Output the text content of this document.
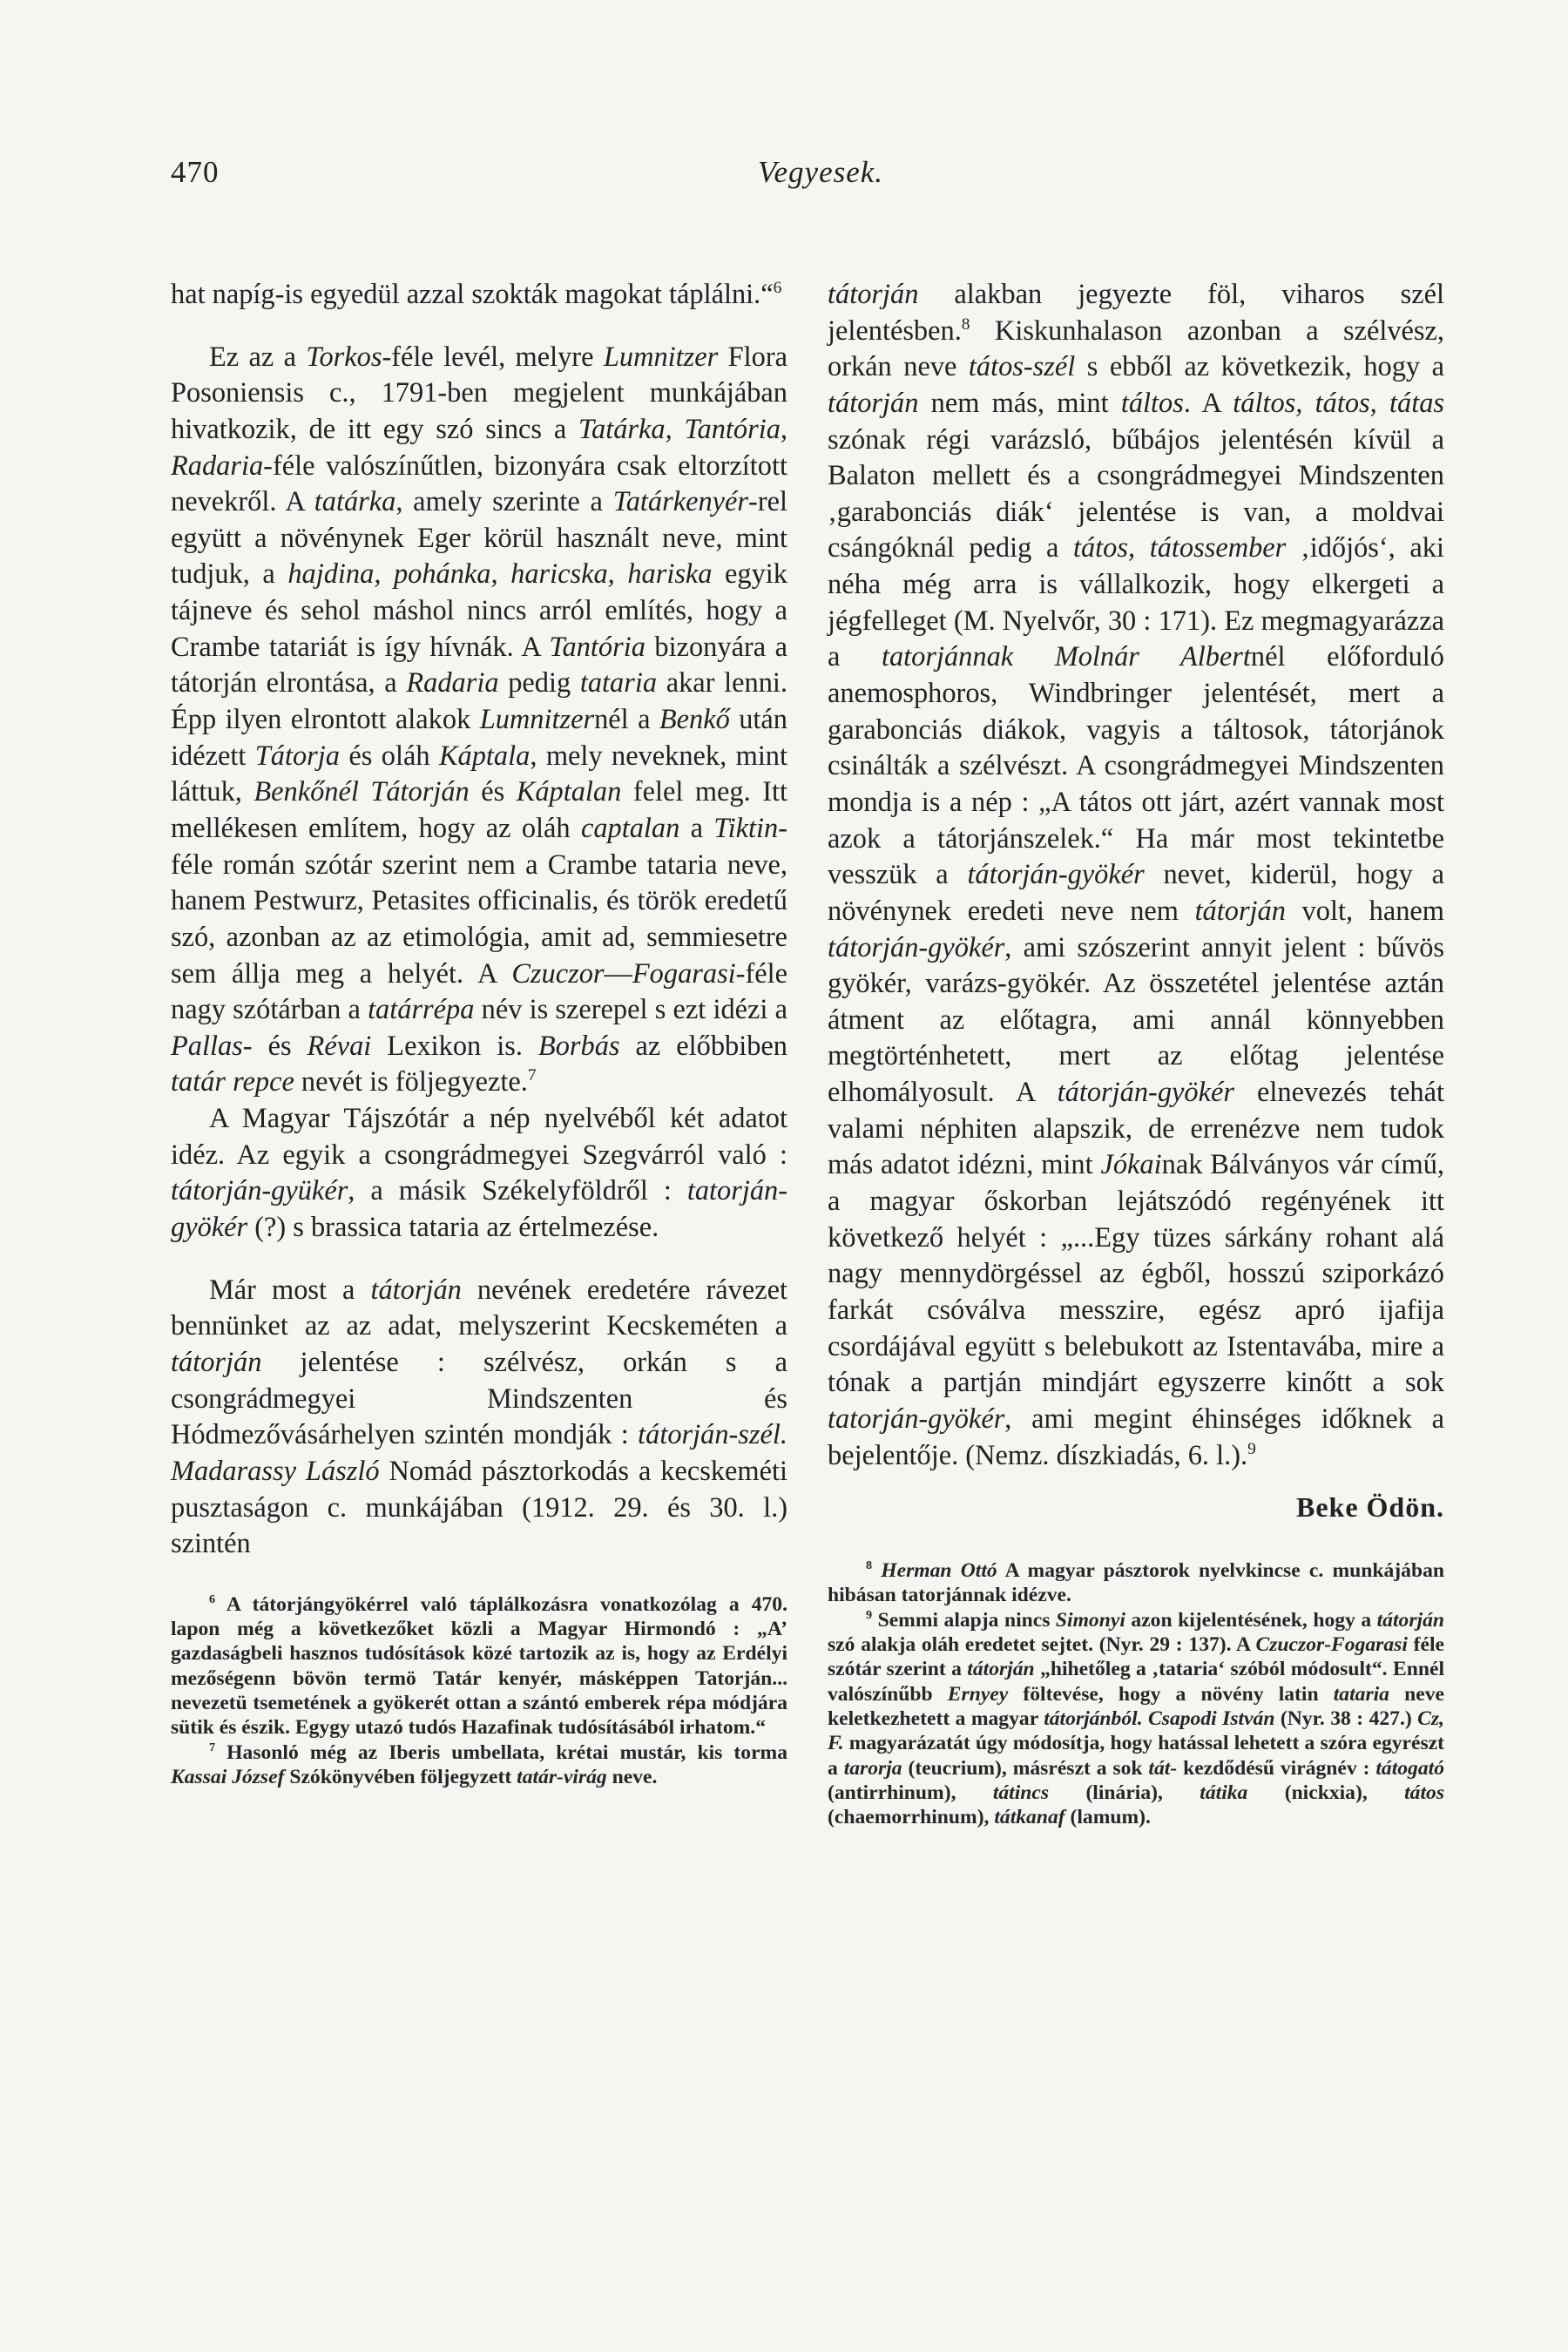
470	Vegyesek.

hat napíg-is egyedül azzal szokták magokat táplálni.“$^6$

Ez az a Torkos-féle levél, melyre Lumnitzer Flora Posoniensis c., 1791-ben megjelent munkájában hivatkozik, de itt egy szó sincs a Tatárka, Tantória, Radaria-féle valószínűtlen, bizonyára csak eltorzított nevekről. A tatárka, amely szerinte a Tatárkenyér-rel együtt a növénynek Eger körül használt neve, mint tudjuk, a hajdina, pohánka, haricska, hariska egyik tájneve és sehol máshol nincs arról említés, hogy a Crambe tatariát is így hívnák. A Tantória bizonyára a tátorján elrontása, a Radaria pedig tataria akar lenni. Épp ilyen elrontott alakok Lumnitzernél a Benkő után idézett Tátorja és oláh Káptala, mely neveknek, mint láttuk, Benkőnél Tátorján és Káptalan felel meg. Itt mellékesen említem, hogy az oláh captalan a Tiktin-féle román szótár szerint nem a Crambe tataria neve, hanem Pestwurz, Petasites officinalis, és török eredetű szó, azonban az az etimológia, amit ad, semmiesetre sem állja meg a helyét. A Czuczor—Fogarasi-féle nagy szótárban a tatárrépa név is szerepel s ezt idézi a Pallas- és Révai Lexikon is. Borbás az előbbiben tatár repce nevét is följegyezte.$^7$

A Magyar Tájszótár a nép nyelvéből két adatot idéz. Az egyik a csongrádmegyei Szegvárról való : tátorján-gyükér, a másik Székelyföldről : tatorján-gyökér (?) s brassica tataria az értelmezése.

Már most a tátorján nevének eredetére rávezet bennünket az az adat, melyszerint Kecskeméten a tátorján jelentése : szélvész, orkán s a csongrádmegyei Mindszenten és Hódmezővásárhelyen szintén mondják : tátorján-szél. Madarassy László Nomád pásztorkodás a kecskeméti pusztaságon c. munkájában (1912. 29. és 30. l.) szintén

$^6$ A tátorjángyökérrel való táplálkozásra vonatkozólag a 470. lapon még a következőket közli a Magyar Hirmondó : „A’ gazdaságbeli hasznos tudósítások közé tartozik az is, hogy az Erdélyi mezőségenn bövön termö Tatár kenyér, másképpen Tatorján... nevezetü tsemetének a gyökerét ottan a szántó emberek répa módjára sütik és észik. Egygy utazó tudós Hazafinak tudósításából irhatom.“

$^7$ Hasonló még az Iberis umbellata, krétai mustár, kis torma Kassai József Szókönyvében följegyzett tatár-virág neve.

tátorján alakban jegyezte föl, viharos szél jelentésben.$^8$ Kiskunhalason azonban a szélvész, orkán neve tátos-szél s ebből az következik, hogy a tátorján nem más, mint táltos. A táltos, tátos, tátas szónak régi varázsló, bűbájos jelentésén kívül a Balaton mellett és a csongrádmegyei Mindszenten ‚garabonciás diák‘ jelentése is van, a moldvai csángóknál pedig a tátos, tátossember ‚időjós‘, aki néha még arra is vállalkozik, hogy elkergeti a jégfelleget (M. Nyelvőr, 30 : 171). Ez megmagyarázza a tatorjánnak Molnár Albertnél előforduló anemosphoros, Windbringer jelentését, mert a garabonciás diákok, vagyis a táltosok, tátorjánok csinálták a szélvészt. A csongrádmegyei Mindszenten mondja is a nép : „A tátos ott járt, azért vannak most azok a tátorjánszelek.“ Ha már most tekintetbe vesszük a tátorján-gyökér nevet, kiderül, hogy a növénynek eredeti neve nem tátorján volt, hanem tátorján-gyökér, ami szószerint annyit jelent : bűvös gyökér, varázs-gyökér. Az összetétel jelentése aztán átment az előtagra, ami annál könnyebben megtörténhetett, mert az előtag jelentése elhomályosult. A tátorján-gyökér elnevezés tehát valami néphiten alapszik, de errenézve nem tudok más adatot idézni, mint Jókainak Bálványos vár című, a magyar őskorban lejátszódó regényének itt következő helyét : „...Egy tüzes sárkány rohant alá nagy mennydörgéssel az égből, hosszú sziporkázó farkát csóválva messzire, egész apró ijafija csordájával együtt s belebukott az Istentavába, mire a tónak a partján mindjárt egyszerre kinőtt a sok tatorján-gyökér, ami megint éhinséges időknek a bejelentője. (Nemz. díszkiadás, 6. l.).$^9$

Beke Ödön.

$^8$ Herman Ottó A magyar pásztorok nyelvkincse c. munkájában hibásan tatorjánnak idézve.

$^9$ Semmi alapja nincs Simonyi azon kijelentésének, hogy a tátorján szó alakja oláh eredetet sejtet. (Nyr. 29 : 137). A Czuczor-Fogarasi féle szótár szerint a tátorján „hihetőleg a ‚tataria‘ szóból módosult“. Ennél valószínűbb Ernyey föltevése, hogy a növény latin tataria neve keletkezhetett a magyar tátorjánból. Csapodi István (Nyr. 38 : 427.) Cz, F. magyarázatát úgy módosítja, hogy hatással lehetett a szóra egyrészt a tarorja (teucrium), másrészt a sok tát- kezdődésű virágnév : tátogató (antirrhinum), tátincs (linária), tátika (nickxia), tátos (chaemorrhinum), tátkanaf (lamum).
